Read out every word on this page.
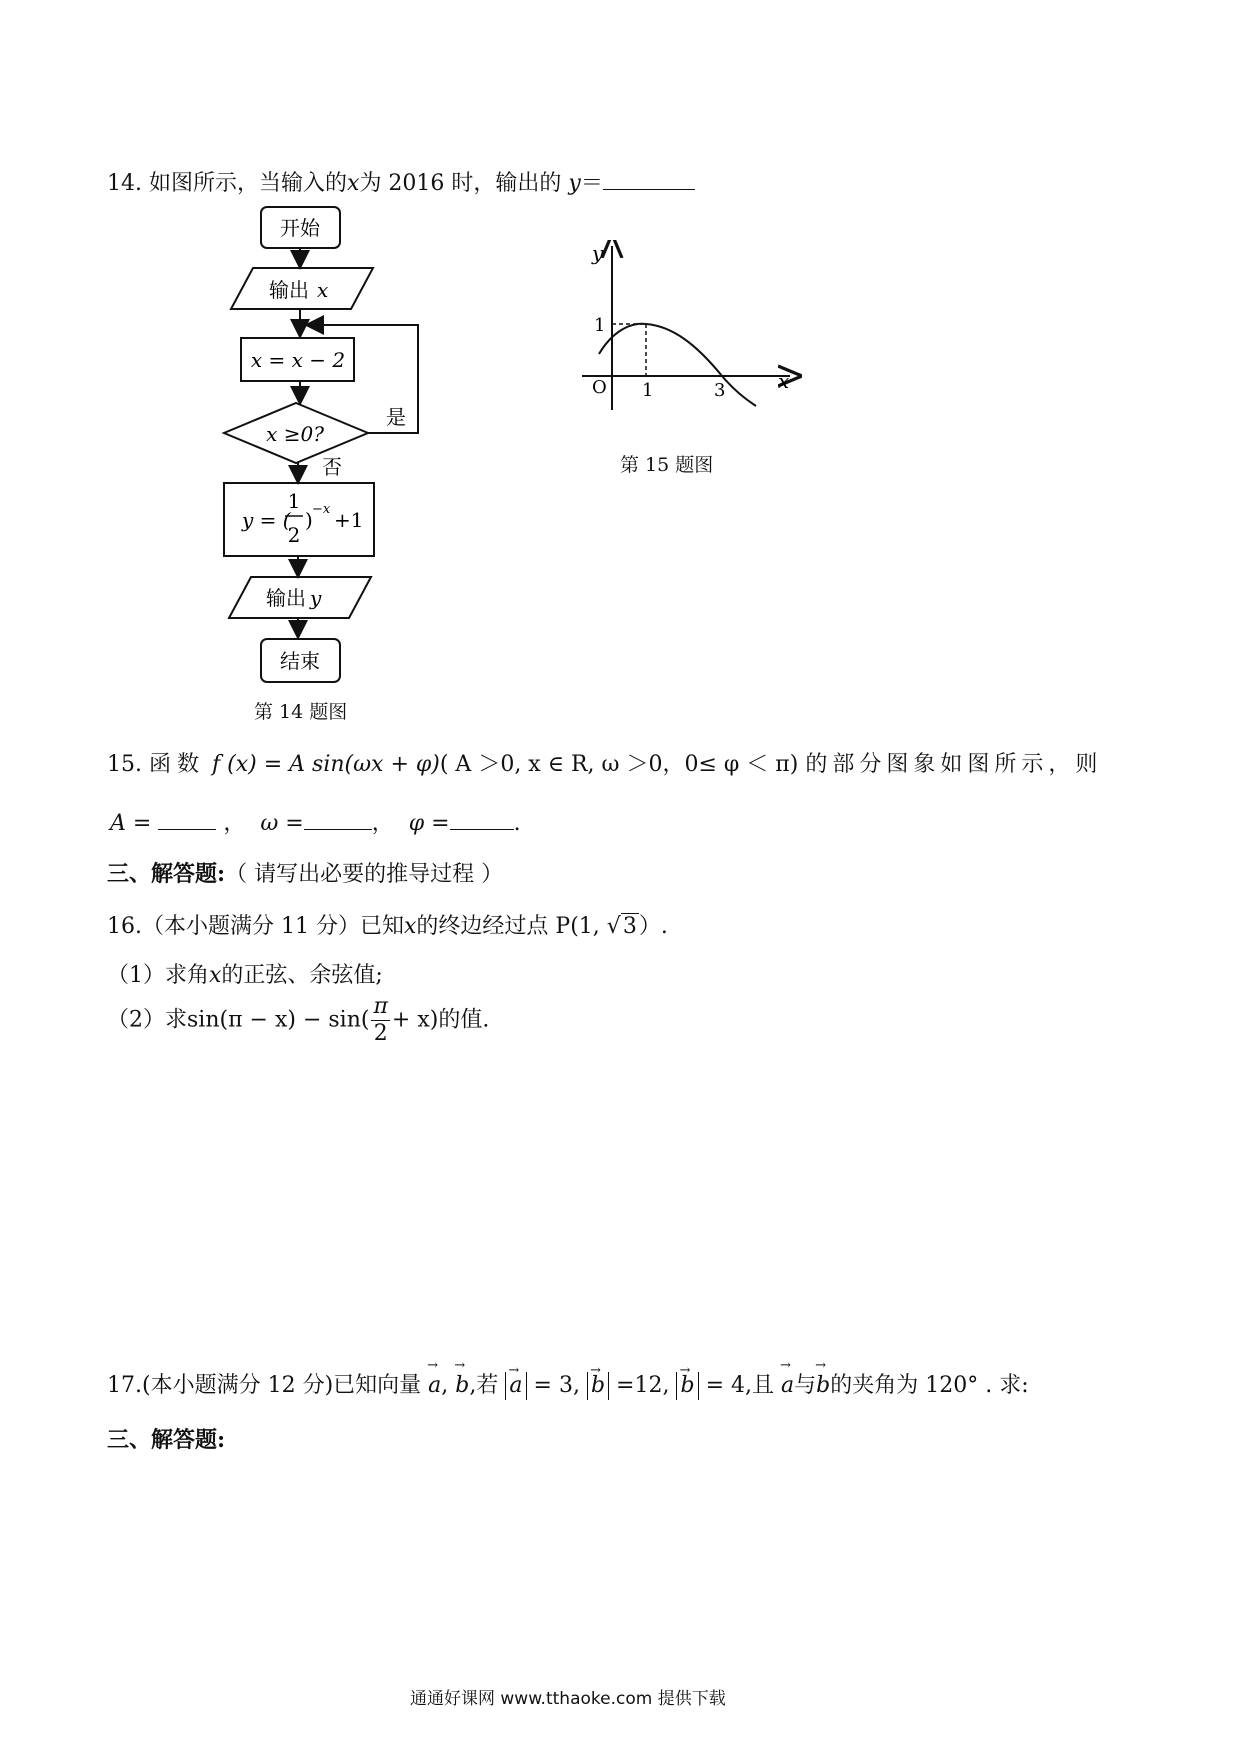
14. 如图所示，当输入的x为 2016 时，输出的 y＝
开始
输出 x
x = x − 2
x ≥0?
是
否
y = (
1
2
) −x +1
输出 y
结束
第 14 题图
y
x
O
1
1	3
第 15 题图
15. 函数 f (x) = A sin(ωx + φ)( A ＞0, x ∈ R, ω ＞0，0≤ φ ＜ π) 的部分图象如图所示，则
A =	， ω =	， φ =	.
三、解答题:（ 请写出必要的推导过程 ）
16.（本小题满分 11 分）已知x的终边经过点 P(1, √3）.
（1）求角x的正弦、余弦值;
（2）求$\sin(\pi - x) - \sin( \frac{\pi}{2} + x)$的值.
17.(本小题满分 12 分)已知向量 → a, → b,若 → a = 3, → b =12, → b = 4,且 → a与→ b的夹角为 120° . 求:
三、解答题:
通通好课网 www.tthaoke.com 提供下载
